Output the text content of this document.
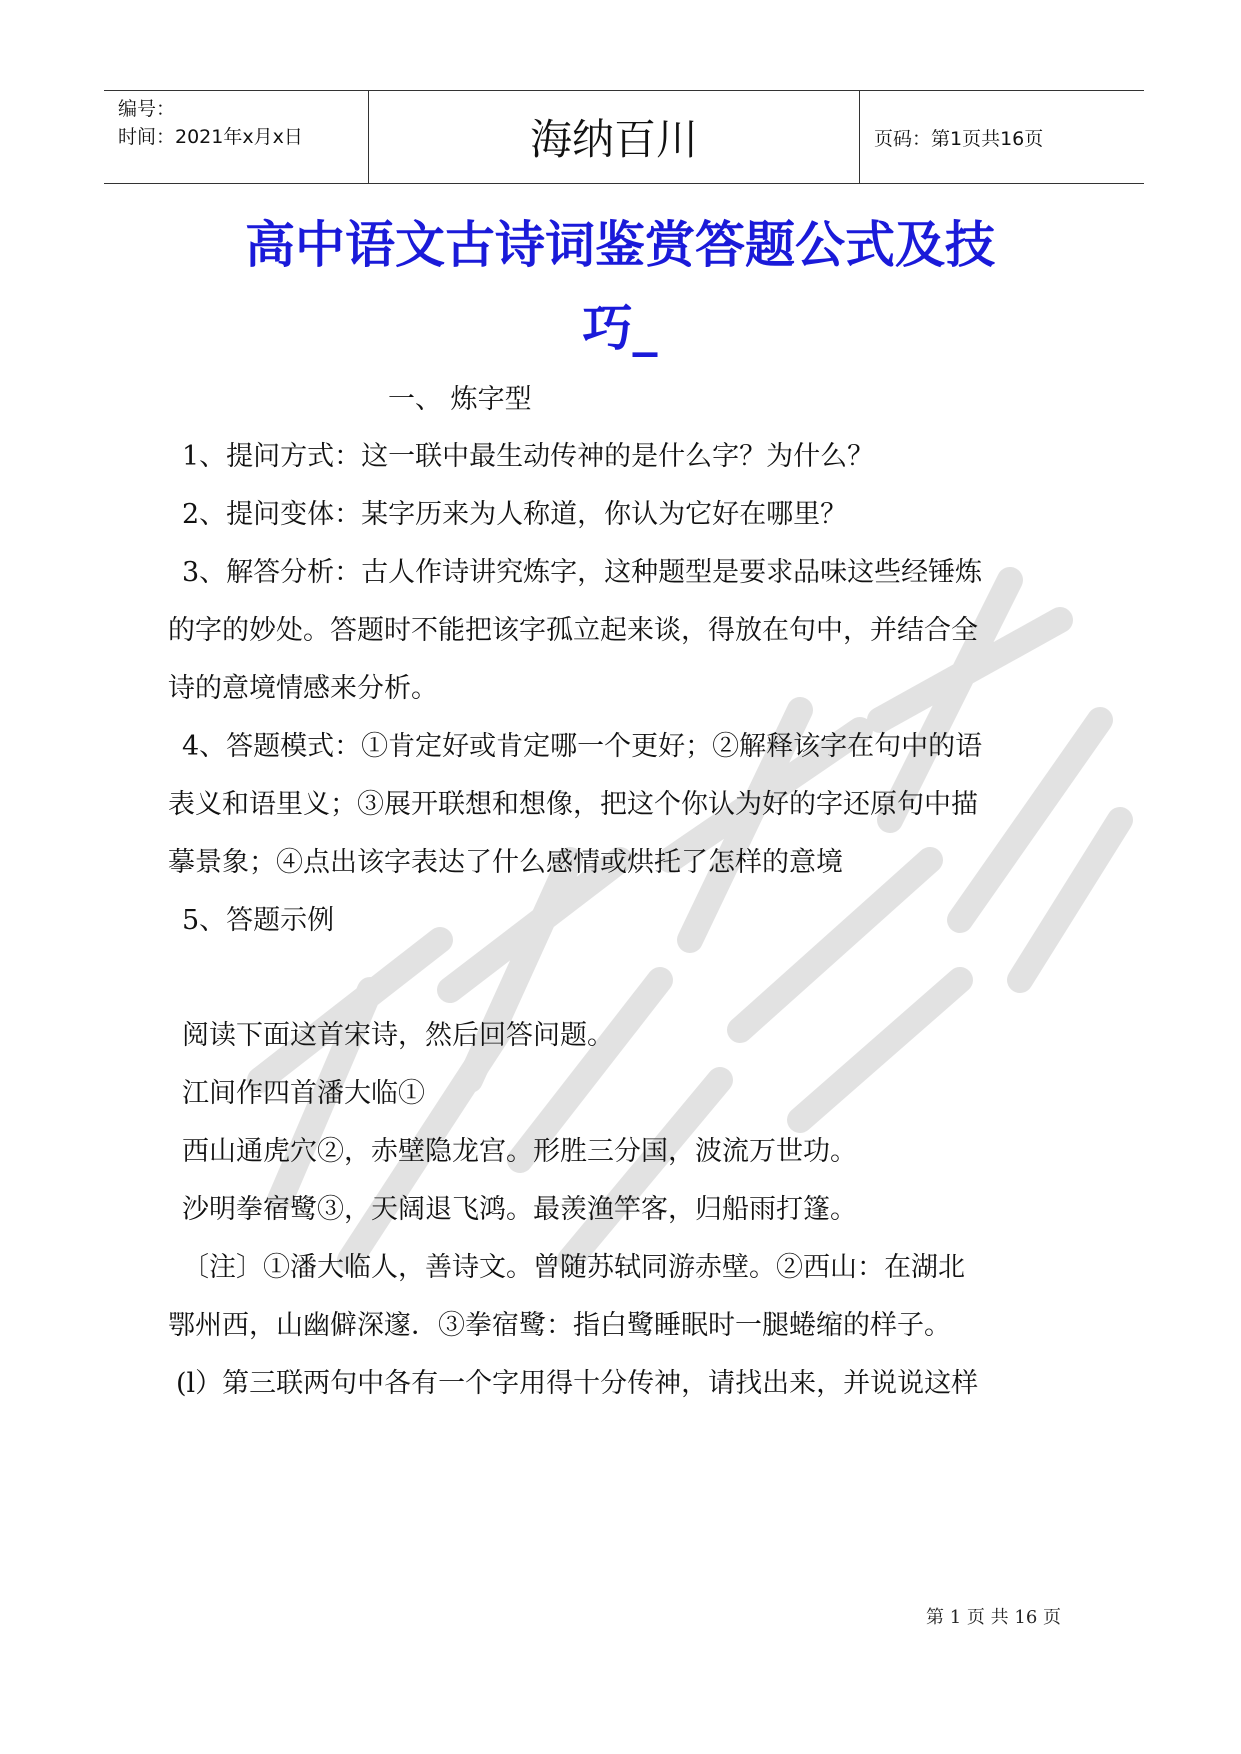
编号：
时间：2021年x月x日	海纳百川	页码：第1页共16页
高中语文古诗词鉴赏答题公式及技
巧_
一、 炼字型
1、提问方式：这一联中最生动传神的是什么字？为什么？
2、提问变体：某字历来为人称道，你认为它好在哪里？
3、解答分析：古人作诗讲究炼字，这种题型是要求品味这些经锤炼
的字的妙处。答题时不能把该字孤立起来谈，得放在句中，并结合全
诗的意境情感来分析。
4、答题模式：①肯定好或肯定哪一个更好；②解释该字在句中的语
表义和语里义；③展开联想和想像，把这个你认为好的字还原句中描
摹景象；④点出该字表达了什么感情或烘托了怎样的意境
5、答题示例
阅读下面这首宋诗，然后回答问题。
江间作四首潘大临①
西山通虎穴②，赤壁隐龙宫。形胜三分国，波流万世功。
沙明拳宿鹭③，天阔退飞鸿。最羡渔竿客，归船雨打篷。
〔注〕①潘大临人，善诗文。曾随苏轼同游赤壁。②西山：在湖北
鄂州西，山幽僻深邃．③拳宿鹭：指白鹭睡眠时一腿蜷缩的样子。
(l）第三联两句中各有一个字用得十分传神，请找出来，并说说这样
第 1 页 共 16 页
